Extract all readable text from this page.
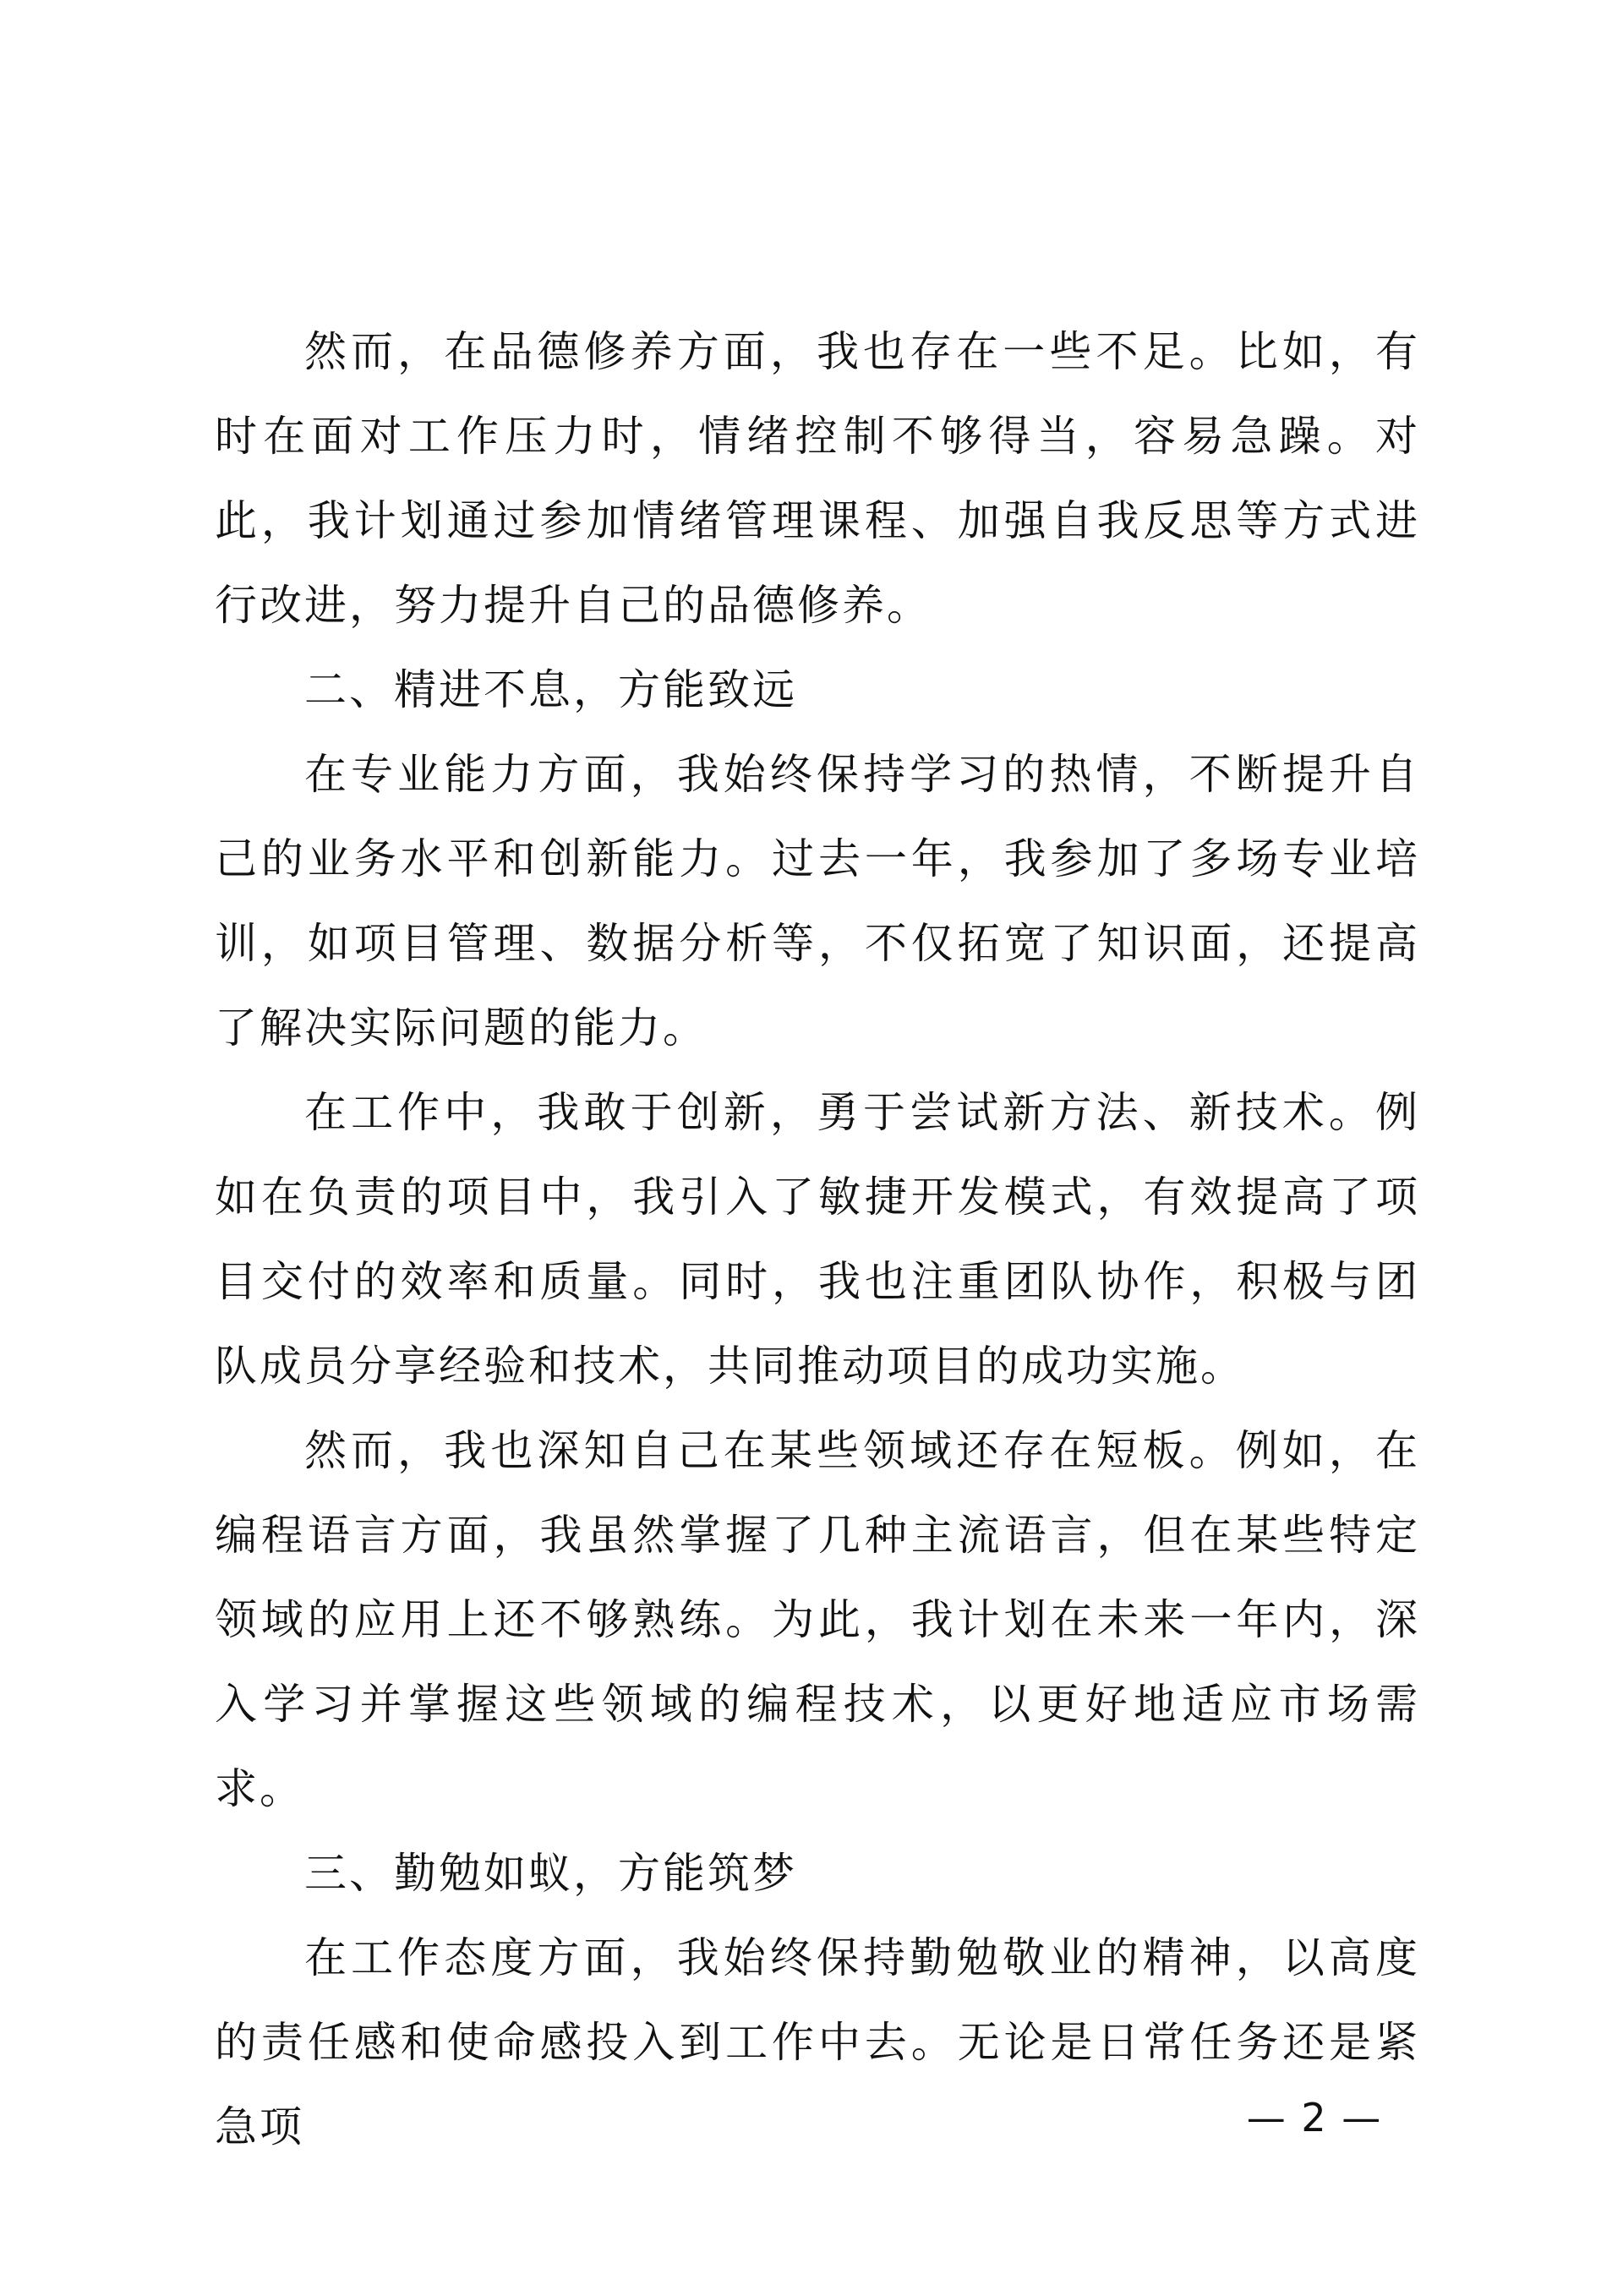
然而，在品德修养方面，我也存在一些不足。比如，有时在面对工作压力时，情绪控制不够得当，容易急躁。对此，我计划通过参加情绪管理课程、加强自我反思等方式进行改进，努力提升自己的品德修养。

二、精进不息，方能致远

在专业能力方面，我始终保持学习的热情，不断提升自己的业务水平和创新能力。过去一年，我参加了多场专业培训，如项目管理、数据分析等，不仅拓宽了知识面，还提高了解决实际问题的能力。

在工作中，我敢于创新，勇于尝试新方法、新技术。例如在负责的项目中，我引入了敏捷开发模式，有效提高了项目交付的效率和质量。同时，我也注重团队协作，积极与团队成员分享经验和技术，共同推动项目的成功实施。

然而，我也深知自己在某些领域还存在短板。例如，在编程语言方面，我虽然掌握了几种主流语言，但在某些特定领域的应用上还不够熟练。为此，我计划在未来一年内，深入学习并掌握这些领域的编程技术，以更好地适应市场需求。

三、勤勉如蚁，方能筑梦

在工作态度方面，我始终保持勤勉敬业的精神，以高度的责任感和使命感投入到工作中去。无论是日常任务还是紧急项	— 2 —
